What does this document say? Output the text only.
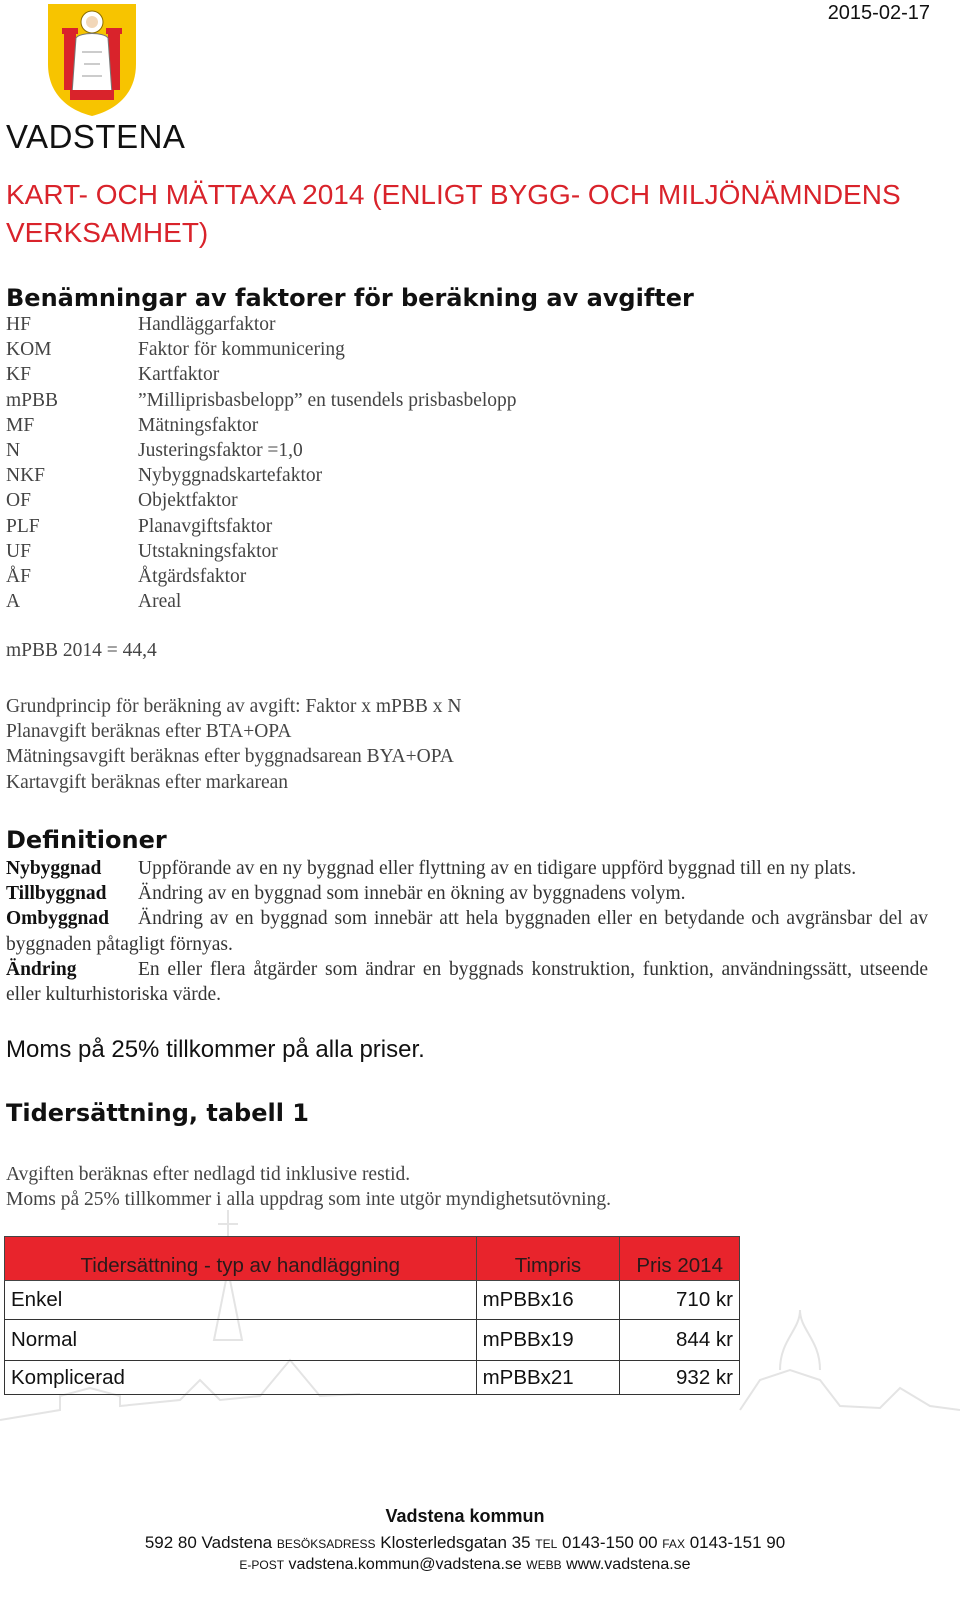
2015-02-17
VADSTENA
KART- OCH MÄTTAXA 2014 (ENLIGT BYGG- OCH MILJÖNÄMNDENS VERKSAMHET)
Benämningar av faktorer för beräkning av avgifter
HF	Handläggarfaktor
KOM	Faktor för kommunicering
KF	Kartfaktor
mPBB	”Milliprisbasbelopp” en tusendels prisbasbelopp
MF	Mätningsfaktor
N	Justeringsfaktor =1,0
NKF	Nybyggnadskartefaktor
OF	Objektfaktor
PLF	Planavgiftsfaktor
UF	Utstakningsfaktor
ÅF	Åtgärdsfaktor
A	Areal
mPBB 2014 = 44,4
Grundprincip för beräkning av avgift: Faktor x mPBB x N
Planavgift beräknas efter BTA+OPA
Mätningsavgift beräknas efter byggnadsarean BYA+OPA
Kartavgift beräknas efter markarean
Definitioner
Nybyggnad Uppförande av en ny byggnad eller flyttning av en tidigare uppförd byggnad till en ny plats.
Tillbyggnad Ändring av en byggnad som innebär en ökning av byggnadens volym.
Ombyggnad Ändring av en byggnad som innebär att hela byggnaden eller en betydande och avgränsbar del av byggnaden påtagligt förnyas.
Ändring	En eller flera åtgärder som ändrar en byggnads konstruktion, funktion, användningssätt, utseende eller kulturhistoriska värde.
Moms på 25% tillkommer på alla priser.
Tidersättning, tabell 1
Avgiften beräknas efter nedlagd tid inklusive restid.
Moms på 25% tillkommer i alla uppdrag som inte utgör myndighetsutövning.
Tidersättning - typ av handläggning	Timpris	Pris 2014
Enkel	mPBBx16	710 kr
Normal	mPBBx19	844 kr
Komplicerad	mPBBx21	932 kr
Vadstena kommun
592 80 Vadstena BESÖKSADRESS Klosterledsgatan 35 TEL 0143-150 00 FAX 0143-151 90
E-POST vadstena.kommun@vadstena.se WEBB www.vadstena.se
